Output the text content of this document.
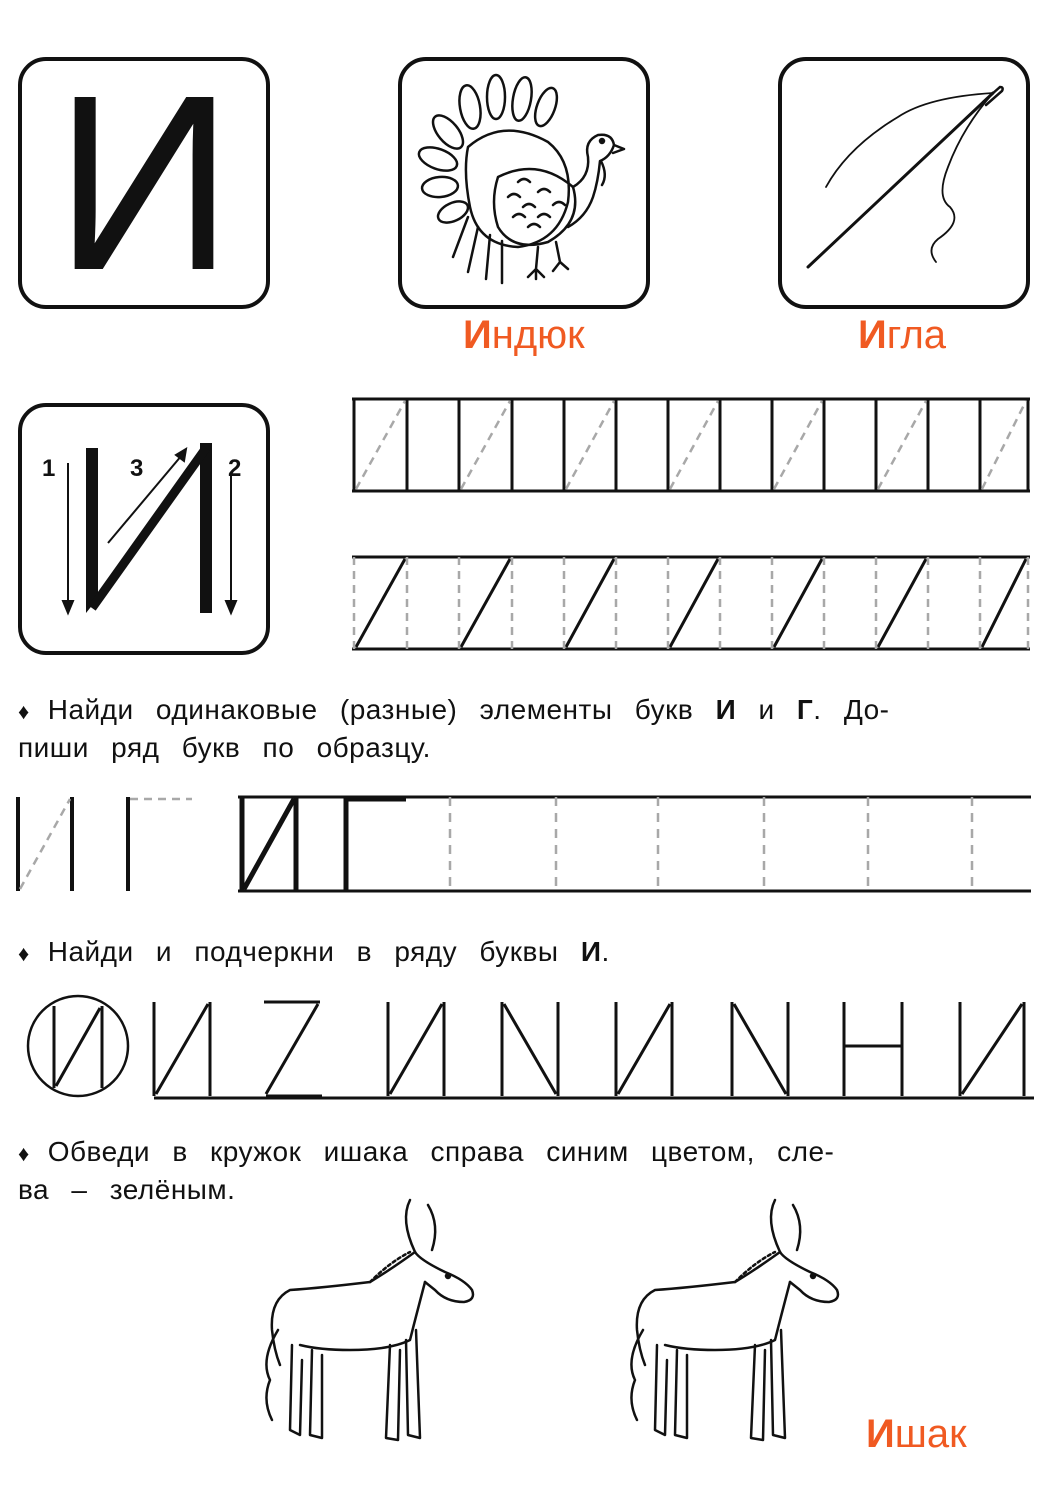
И
Индюк	Игла
1	3	2
♦ Найди одинаковые (разные) элементы букв И и Г. До-
пиши ряд букв по образцу.
♦ Найди и подчеркни в ряду буквы И.
♦ Обведи в кружок ишака справа синим цветом, сле-
ва – зелёным.
Ишак
